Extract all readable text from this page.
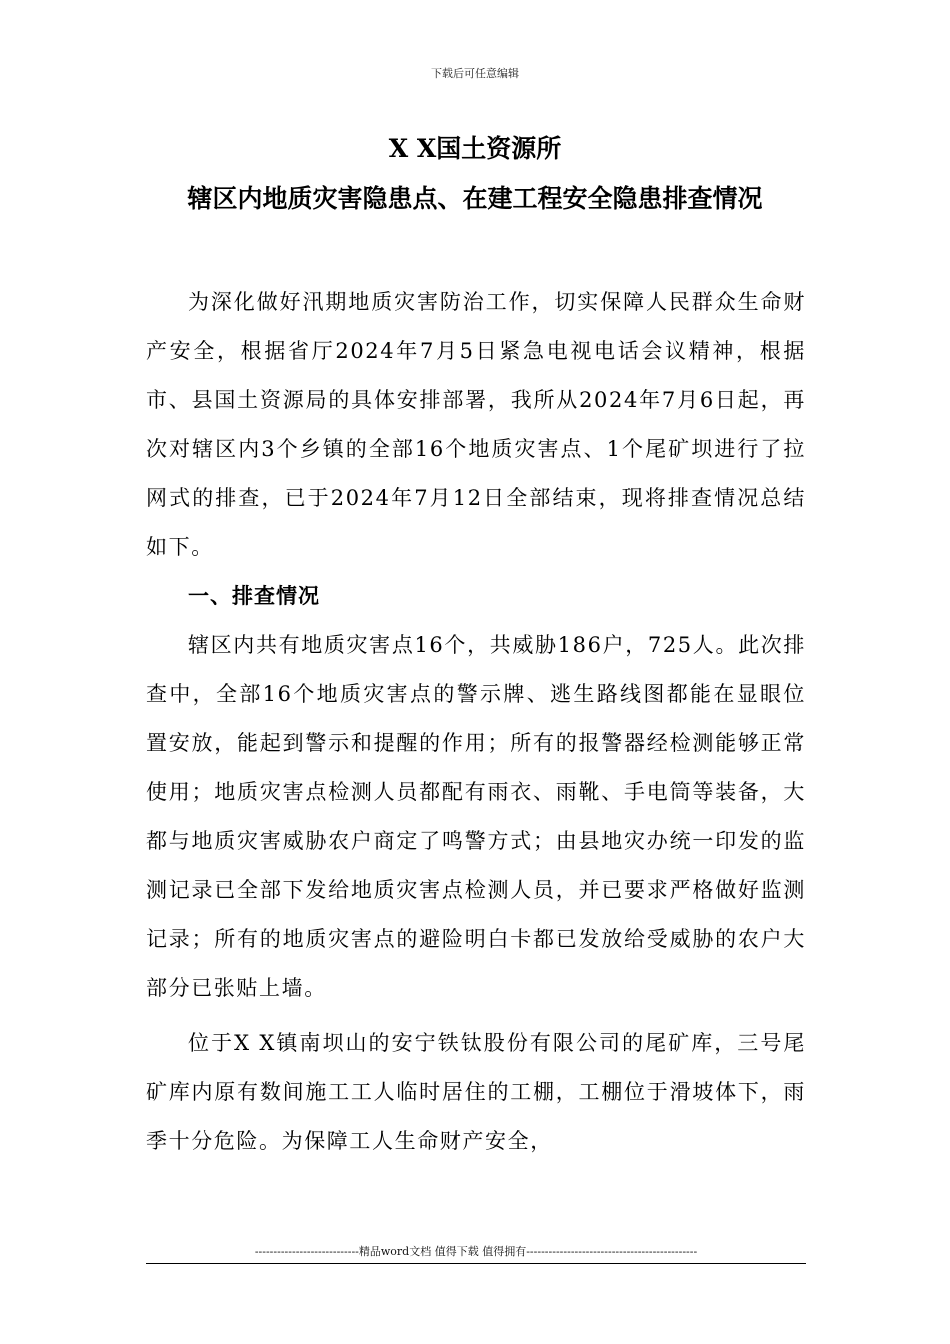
下载后可任意编辑
X X国土资源所
辖区内地质灾害隐患点、在建工程安全隐患排查情况

为深化做好汛期地质灾害防治工作，切实保障人民群众生命财产安全，根据省厅2024年7月5日紧急电视电话会议精神，根据市、县国土资源局的具体安排部署，我所从2024年7月6日起，再次对辖区内3个乡镇的全部16个地质灾害点、1个尾矿坝进行了拉网式的排查，已于2024年7月12日全部结束，现将排查情况总结如下。

一、排查情况

辖区内共有地质灾害点16个，共威胁186户，725人。此次排查中，全部16个地质灾害点的警示牌、逃生路线图都能在显眼位置安放，能起到警示和提醒的作用；所有的报警器经检测能够正常使用；地质灾害点检测人员都配有雨衣、雨靴、手电筒等装备，大都与地质灾害威胁农户商定了鸣警方式；由县地灾办统一印发的监测记录已全部下发给地质灾害点检测人员，并已要求严格做好监测记录；所有的地质灾害点的避险明白卡都已发放给受威胁的农户大部分已张贴上墙。

位于X X镇南坝山的安宁铁钛股份有限公司的尾矿库，三号尾矿库内原有数间施工工人临时居住的工棚，工棚位于滑坡体下，雨季十分危险。为保障工人生命财产安全，

----------------------------精品word文档 值得下载 值得拥有----------------------------------------------
